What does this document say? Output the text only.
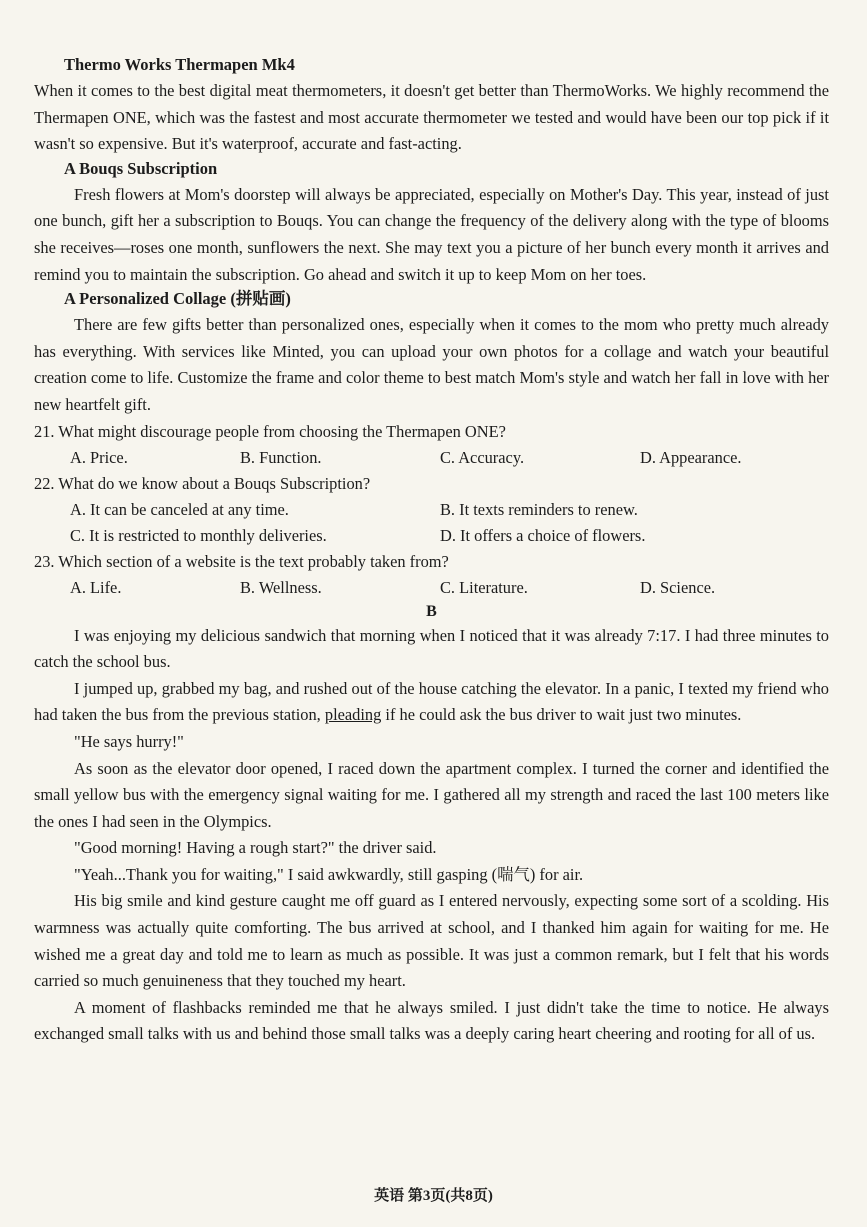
Thermo Works Thermapen Mk4

When it comes to the best digital meat thermometers, it doesn't get better than ThermoWorks. We highly recommend the Thermapen ONE, which was the fastest and most accurate thermometer we tested and would have been our top pick if it wasn't so expensive. But it's waterproof, accurate and fast-acting.

A Bouqs Subscription

Fresh flowers at Mom's doorstep will always be appreciated, especially on Mother's Day. This year, instead of just one bunch, gift her a subscription to Bouqs. You can change the frequency of the delivery along with the type of blooms she receives—roses one month, sunflowers the next. She may text you a picture of her bunch every month it arrives and remind you to maintain the subscription. Go ahead and switch it up to keep Mom on her toes.

A Personalized Collage (拼贴画)

There are few gifts better than personalized ones, especially when it comes to the mom who pretty much already has everything. With services like Minted, you can upload your own photos for a collage and watch your beautiful creation come to life. Customize the frame and color theme to best match Mom's style and watch her fall in love with her new heartfelt gift.

21. What might discourage people from choosing the Thermapen ONE?

A. Price.	B. Function.	C. Accuracy.	D. Appearance.

22. What do we know about a Bouqs Subscription?

A. It can be canceled at any time.	B. It texts reminders to renew.
C. It is restricted to monthly deliveries.	D. It offers a choice of flowers.

23. Which section of a website is the text probably taken from?

A. Life.	B. Wellness.	C. Literature.	D. Science.

B

I was enjoying my delicious sandwich that morning when I noticed that it was already 7:17. I had three minutes to catch the school bus.

I jumped up, grabbed my bag, and rushed out of the house catching the elevator. In a panic, I texted my friend who had taken the bus from the previous station, pleading if he could ask the bus driver to wait just two minutes.

"He says hurry!"

As soon as the elevator door opened, I raced down the apartment complex. I turned the corner and identified the small yellow bus with the emergency signal waiting for me. I gathered all my strength and raced the last 100 meters like the ones I had seen in the Olympics.

"Good morning! Having a rough start?" the driver said.

"Yeah...Thank you for waiting," I said awkwardly, still gasping (喘气) for air.

His big smile and kind gesture caught me off guard as I entered nervously, expecting some sort of a scolding. His warmness was actually quite comforting. The bus arrived at school, and I thanked him again for waiting for me. He wished me a great day and told me to learn as much as possible. It was just a common remark, but I felt that his words carried so much genuineness that they touched my heart.

A moment of flashbacks reminded me that he always smiled. I just didn't take the time to notice. He always exchanged small talks with us and behind those small talks was a deeply caring heart cheering and rooting for all of us.

英语 第3页(共8页)
